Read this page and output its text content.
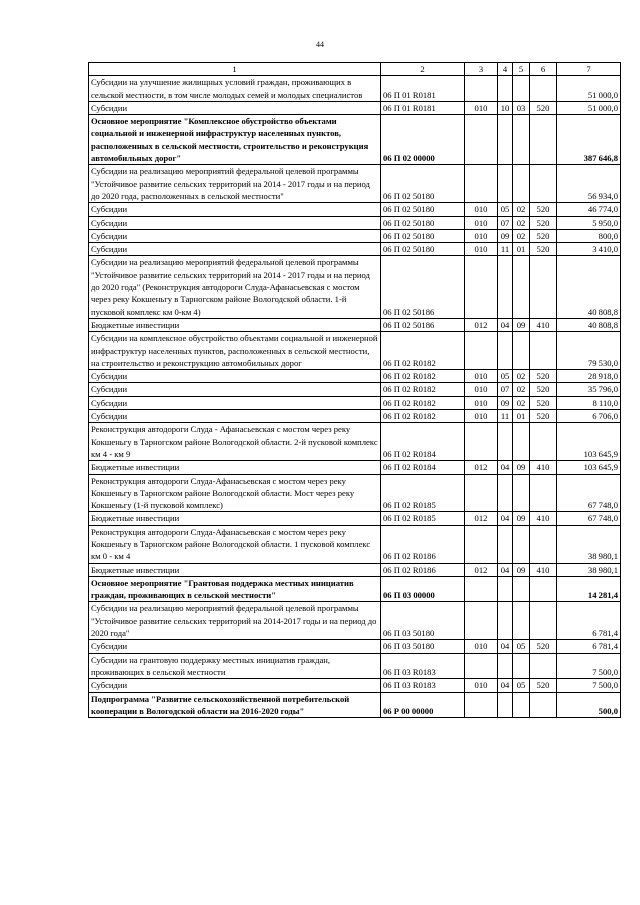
44
1	2	3	4	5	6	7
Субсидии на улучшение жилищных условий граждан, проживающих в сельской местности, в том числе молодых семей и молодых специалистов	06 П 01 R0181					51 000,0
Субсидии	06 П 01 R0181	010	10	03	520	51 000,0
Основное мероприятие "Комплексное обустройство объектами социальной и инженерной инфраструктур населенных пунктов, расположенных в сельской местности, строительство и реконструкция автомобильных дорог"	06 П 02 00000					387 646,8
Субсидии на реализацию мероприятий федеральной целевой программы "Устойчивое развитие сельских территорий на 2014 - 2017 годы и на период до 2020 года, расположенных в сельской местности"	06 П 02 50180					56 934,0
Субсидии	06 П 02 50180	010	05	02	520	46 774,0
Субсидии	06 П 02 50180	010	07	02	520	5 950,0
Субсидии	06 П 02 50180	010	09	02	520	800,0
Субсидии	06 П 02 50180	010	11	01	520	3 410,0
Субсидии на реализацию мероприятий федеральной целевой программы "Устойчивое развитие сельских территорий на 2014 - 2017 годы и на период до 2020 года" (Реконструкция автодороги Слуда-Афанасьевская с мостом через реку Кокшеньгу в Тарногском районе Вологодской области. 1-й пусковой комплекс км 0-км 4)	06 П 02 50186					40 808,8
Бюджетные инвестиции	06 П 02 50186	012	04	09	410	40 808,8
Субсидии на комплексное обустройство объектами социальной и инженерной инфраструктур населенных пунктов, расположенных в сельской местности, на строительство и реконструкцию автомобильных дорог	06 П 02 R0182					79 530,0
Субсидии	06 П 02 R0182	010	05	02	520	28 918,0
Субсидии	06 П 02 R0182	010	07	02	520	35 796,0
Субсидии	06 П 02 R0182	010	09	02	520	8 110,0
Субсидии	06 П 02 R0182	010	11	01	520	6 706,0
Реконструкция автодороги Слуда - Афанасьевская с мостом через реку Кокшеньгу в Тарногском районе Вологодской области. 2-й пусковой комплекс км 4 - км 9	06 П 02 R0184					103 645,9
Бюджетные инвестиции	06 П 02 R0184	012	04	09	410	103 645,9
Реконструкция автодороги Слуда-Афанасьевская с мостом через реку Кокшеньгу в Тарногском районе Вологодской области. Мост через реку Кокшеньгу (1-й пусковой комплекс)	06 П 02 R0185					67 748,0
Бюджетные инвестиции	06 П 02 R0185	012	04	09	410	67 748,0
Реконструкция автодороги Слуда-Афанасьевская с мостом через реку Кокшеньгу в Тарногском районе Вологодской области. 1 пусковой комплекс км 0 - км 4	06 П 02 R0186					38 980,1
Бюджетные инвестиции	06 П 02 R0186	012	04	09	410	38 980,1
Основное мероприятие "Грантовая поддержка местных инициатив граждан, проживающих в сельской местности"	06 П 03 00000					14 281,4
Субсидии на реализацию мероприятий федеральной целевой программы "Устойчивое развитие сельских территорий на 2014-2017 годы и на период до 2020 года"	06 П 03 50180					6 781,4
Субсидии	06 П 03 50180	010	04	05	520	6 781,4
Субсидии на грантовую поддержку местных инициатив граждан, проживающих в сельской местности	06 П 03 R0183					7 500,0
Субсидии	06 П 03 R0183	010	04	05	520	7 500,0
Подпрограмма "Развитие сельскохозяйственной потребительской кооперации в Вологодской области на 2016-2020 годы"	06 Р 00 00000					500,0
